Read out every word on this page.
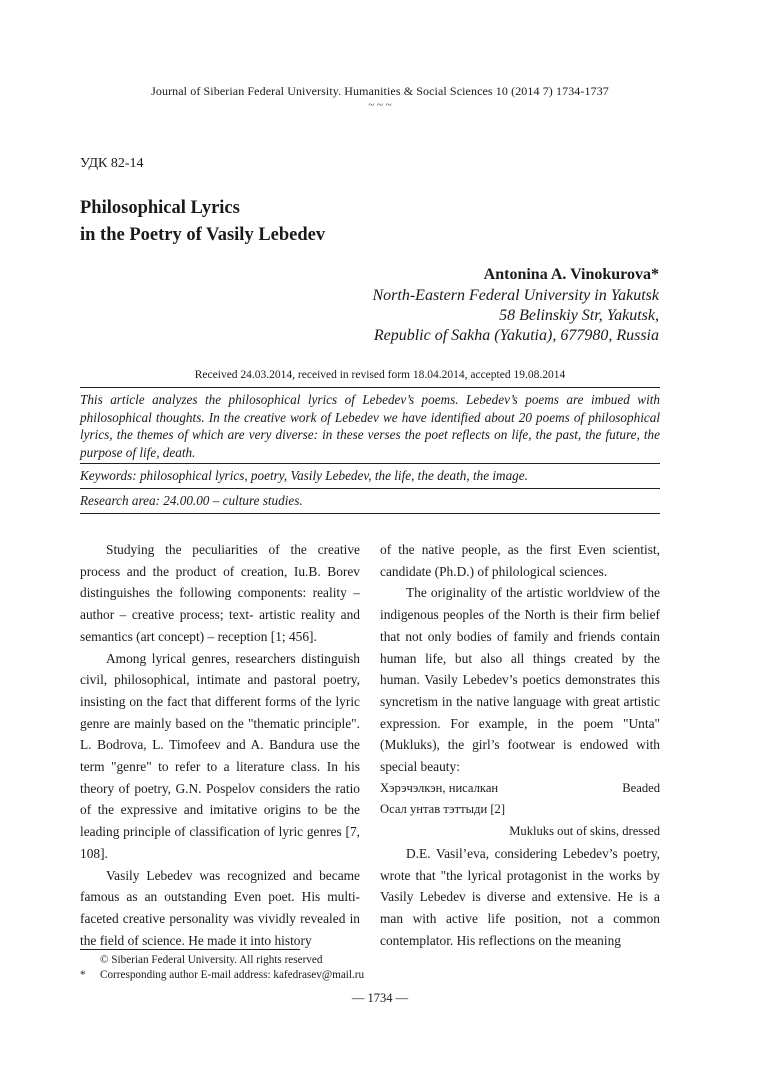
Journal of Siberian Federal University. Humanities & Social Sciences 10 (2014 7) 1734-1737
~ ~ ~
УДК 82-14
Philosophical Lyrics
in the Poetry of Vasily Lebedev
Antonina A. Vinokurova*
North-Eastern Federal University in Yakutsk
58 Belinskiy Str, Yakutsk,
Republic of Sakha (Yakutia), 677980, Russia
Received 24.03.2014, received in revised form 18.04.2014, accepted 19.08.2014
This article analyzes the philosophical lyrics of Lebedev’s poems. Lebedev’s poems are imbued with philosophical thoughts. In the creative work of Lebedev we have identified about 20 poems of philosophical lyrics, the themes of which are very diverse: in these verses the poet reflects on life, the past, the future, the purpose of life, death.
Keywords: philosophical lyrics, poetry, Vasily Lebedev, the life, the death, the image.
Research area: 24.00.00 – culture studies.

Studying the peculiarities of the creative process and the product of creation, Iu.B. Borev distinguishes the following components: reality – author – creative process; text- artistic reality and semantics (art concept) – reception [1; 456].

Among lyrical genres, researchers distinguish civil, philosophical, intimate and pastoral poetry, insisting on the fact that different forms of the lyric genre are mainly based on the "thematic principle". L. Bodrova, L. Timofeev and A. Bandura use the term "genre" to refer to a literature class. In his theory of poetry, G.N. Pospelov considers the ratio of the expressive and imitative origins to be the leading principle of classification of lyric genres [7, 108].

Vasily Lebedev was recognized and became famous as an outstanding Even poet. His multi-faceted creative personality was vividly revealed in the field of science. He made it into history

of the native people, as the first Even scientist, candidate (Ph.D.) of philological sciences.

The originality of the artistic worldview of the indigenous peoples of the North is their firm belief that not only bodies of family and friends contain human life, but also all things created by the human. Vasily Lebedev’s poetics demonstrates this syncretism in the native language with great artistic expression. For example, in the poem "Unta" (Mukluks), the girl’s footwear is endowed with special beauty:

Хэрэчэлкэн, нисалкан	Beaded
Осал унтав тэттыди [2]
Mukluks out of skins, dressed

D.E. Vasil’eva, considering Lebedev’s poetry, wrote that "the lyrical protagonist in the works by Vasily Lebedev is diverse and extensive. He is a man with active life position, not a common contemplator. His reflections on the meaning

© Siberian Federal University. All rights reserved
*	Corresponding author E-mail address: kafedrasev@mail.ru
— 1734 —
